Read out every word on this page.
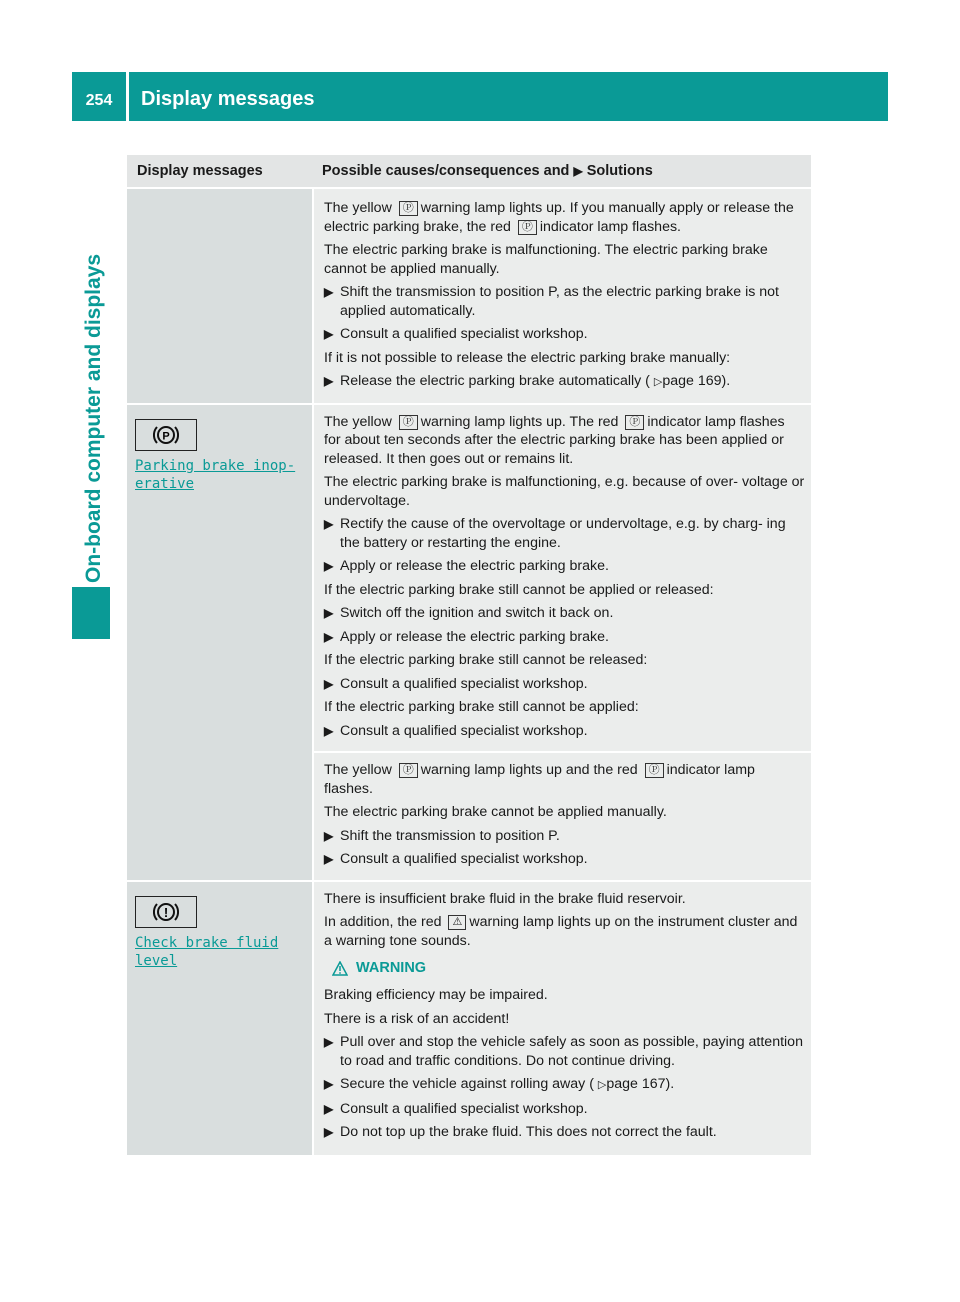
254	Display messages
On-board computer and displays
Display messages	Possible causes/consequences and ▶ Solutions

The yellow Ⓟ warning lamp lights up. If you manually apply or release the electric parking brake, the red Ⓟ indicator lamp flashes.

The electric parking brake is malfunctioning. The electric parking brake cannot be applied manually.

▶ Shift the transmission to position P, as the electric parking brake is not applied automatically.
▶ Consult a qualified specialist workshop.

If it is not possible to release the electric parking brake manually:

▶ Release the electric parking brake automatically ( ▷page 169).
P
Parking brake inop‐
erative

The yellow Ⓟ warning lamp lights up. The red Ⓟ indicator lamp flashes for about ten seconds after the electric parking brake has been applied or released. It then goes out or remains lit.

The electric parking brake is malfunctioning, e.g. because of over- voltage or undervoltage.

▶ Rectify the cause of the overvoltage or undervoltage, e.g. by charg- ing the battery or restarting the engine.
▶ Apply or release the electric parking brake.

If the electric parking brake still cannot be applied or released:

▶ Switch off the ignition and switch it back on.
▶ Apply or release the electric parking brake.

If the electric parking brake still cannot be released:

▶ Consult a qualified specialist workshop.

If the electric parking brake still cannot be applied:

▶ Consult a qualified specialist workshop.

The yellow Ⓟ warning lamp lights up and the red Ⓟ indicator lamp flashes.

The electric parking brake cannot be applied manually.

▶ Shift the transmission to position P.
▶ Consult a qualified specialist workshop.
!
Check brake fluid
level

There is insufficient brake fluid in the brake fluid reservoir.

In addition, the red ⚠ warning lamp lights up on the instrument cluster and a warning tone sounds.

WARNING

Braking efficiency may be impaired.

There is a risk of an accident!

▶ Pull over and stop the vehicle safely as soon as possible, paying attention to road and traffic conditions. Do not continue driving.
▶ Secure the vehicle against rolling away ( ▷page 167).
▶ Consult a qualified specialist workshop.
▶ Do not top up the brake fluid. This does not correct the fault.
